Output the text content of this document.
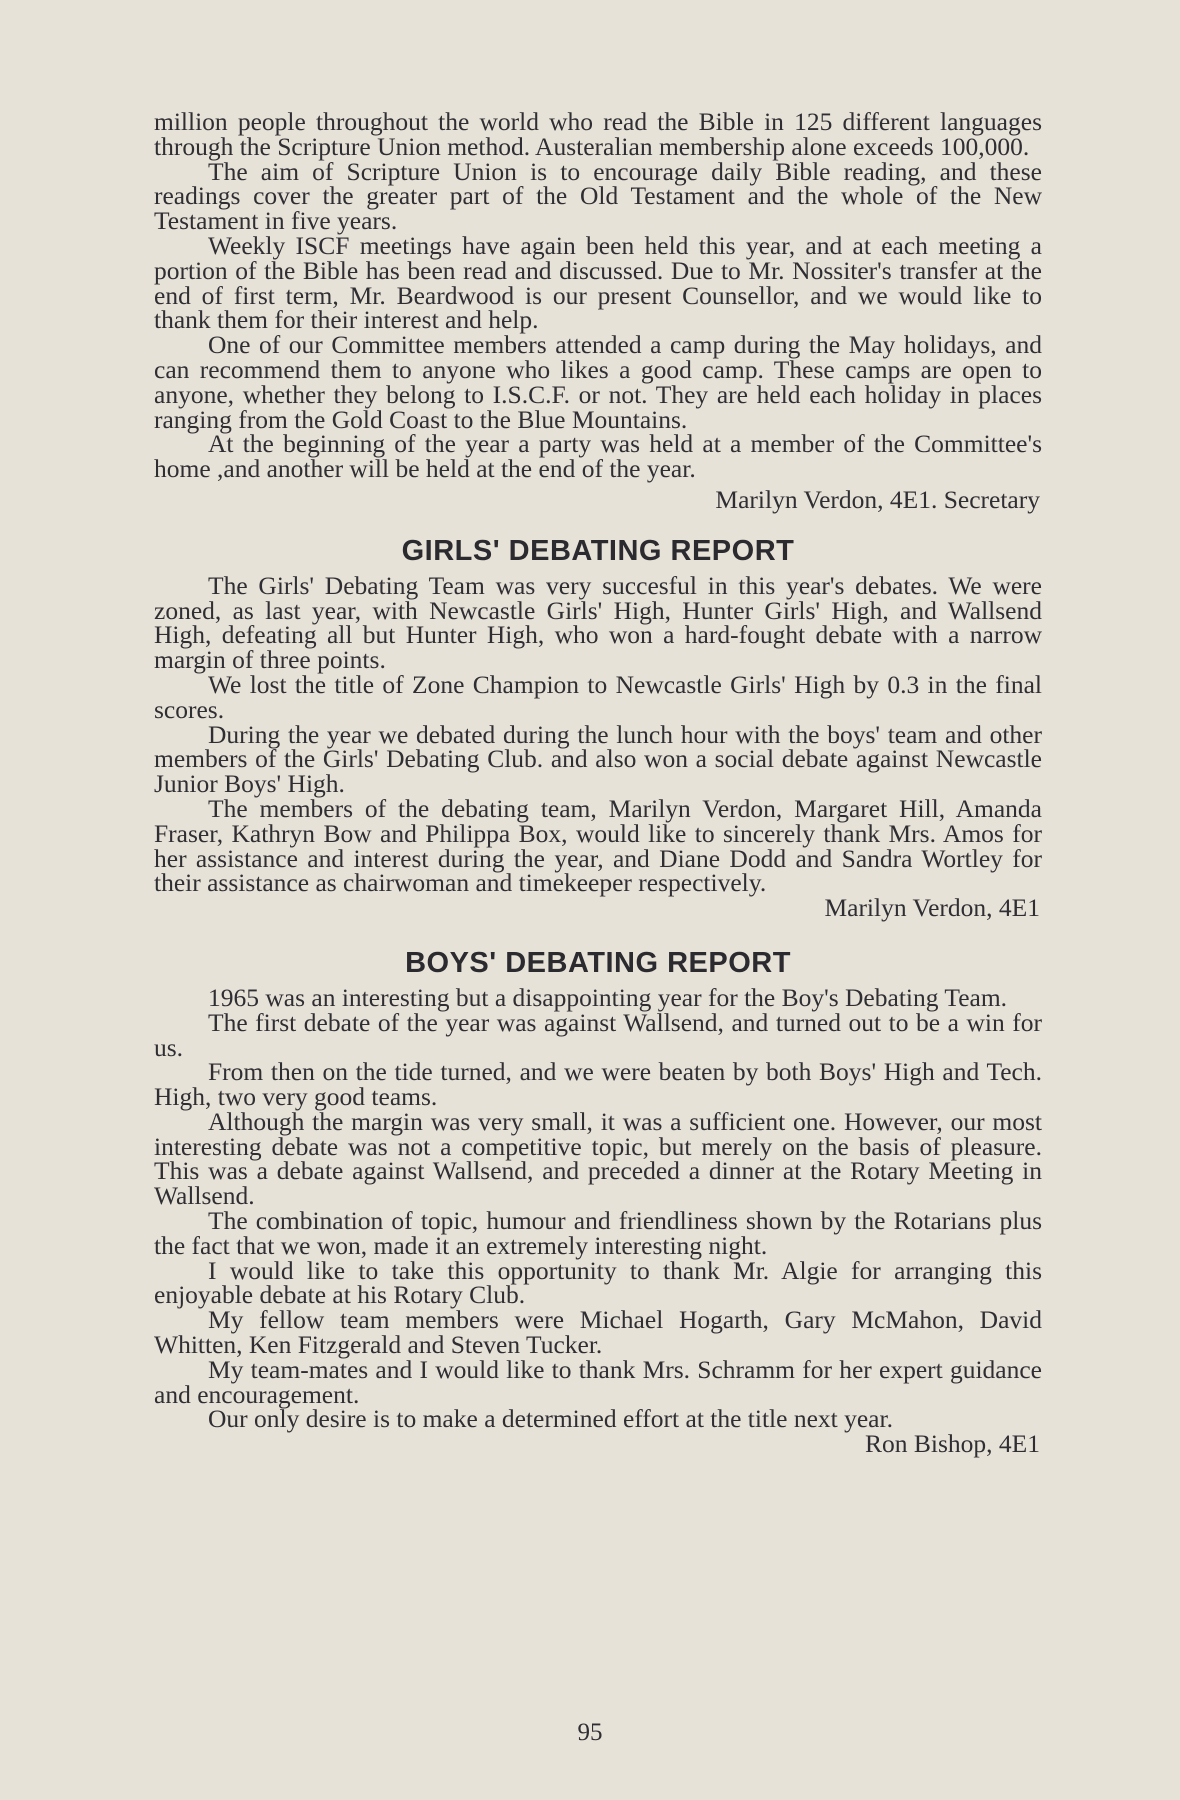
million people throughout the world who read the Bible in 125 different languages through the Scripture Union method. Austeralian membership alone exceeds 100,000.

The aim of Scripture Union is to encourage daily Bible reading, and these readings cover the greater part of the Old Testament and the whole of the New Testament in five years.

Weekly ISCF meetings have again been held this year, and at each meeting a portion of the Bible has been read and discussed. Due to Mr. Nossiter's transfer at the end of first term, Mr. Beardwood is our present Counsellor, and we would like to thank them for their interest and help.

One of our Committee members attended a camp during the May holidays, and can recommend them to anyone who likes a good camp. These camps are open to anyone, whether they belong to I.S.C.F. or not. They are held each holiday in places ranging from the Gold Coast to the Blue Mountains.

At the beginning of the year a party was held at a member of the Committee's home ,and another will be held at the end of the year.

Marilyn Verdon, 4E1. Secretary
GIRLS' DEBATING REPORT

The Girls' Debating Team was very succesful in this year's debates. We were zoned, as last year, with Newcastle Girls' High, Hunter Girls' High, and Wallsend High, defeating all but Hunter High, who won a hard-fought debate with a narrow margin of three points.

We lost the title of Zone Champion to Newcastle Girls' High by 0.3 in the final scores.

During the year we debated during the lunch hour with the boys' team and other members of the Girls' Debating Club. and also won a social debate against Newcastle Junior Boys' High.

The members of the debating team, Marilyn Verdon, Margaret Hill, Amanda Fraser, Kathryn Bow and Philippa Box, would like to sincerely thank Mrs. Amos for her assistance and interest during the year, and Diane Dodd and Sandra Wortley for their assistance as chairwoman and timekeeper respectively.

Marilyn Verdon, 4E1
BOYS' DEBATING REPORT

1965 was an interesting but a disappointing year for the Boy's Debating Team.

The first debate of the year was against Wallsend, and turned out to be a win for us.

From then on the tide turned, and we were beaten by both Boys' High and Tech. High, two very good teams.

Although the margin was very small, it was a sufficient one. However, our most interesting debate was not a competitive topic, but merely on the basis of pleasure. This was a debate against Wallsend, and preceded a dinner at the Rotary Meeting in Wallsend.

The combination of topic, humour and friendliness shown by the Rotarians plus the fact that we won, made it an extremely interesting night.

I would like to take this opportunity to thank Mr. Algie for arranging this enjoyable debate at his Rotary Club.

My fellow team members were Michael Hogarth, Gary McMahon, David Whitten, Ken Fitzgerald and Steven Tucker.

My team-mates and I would like to thank Mrs. Schramm for her expert guidance and encouragement.

Our only desire is to make a determined effort at the title next year.

Ron Bishop, 4E1
95
